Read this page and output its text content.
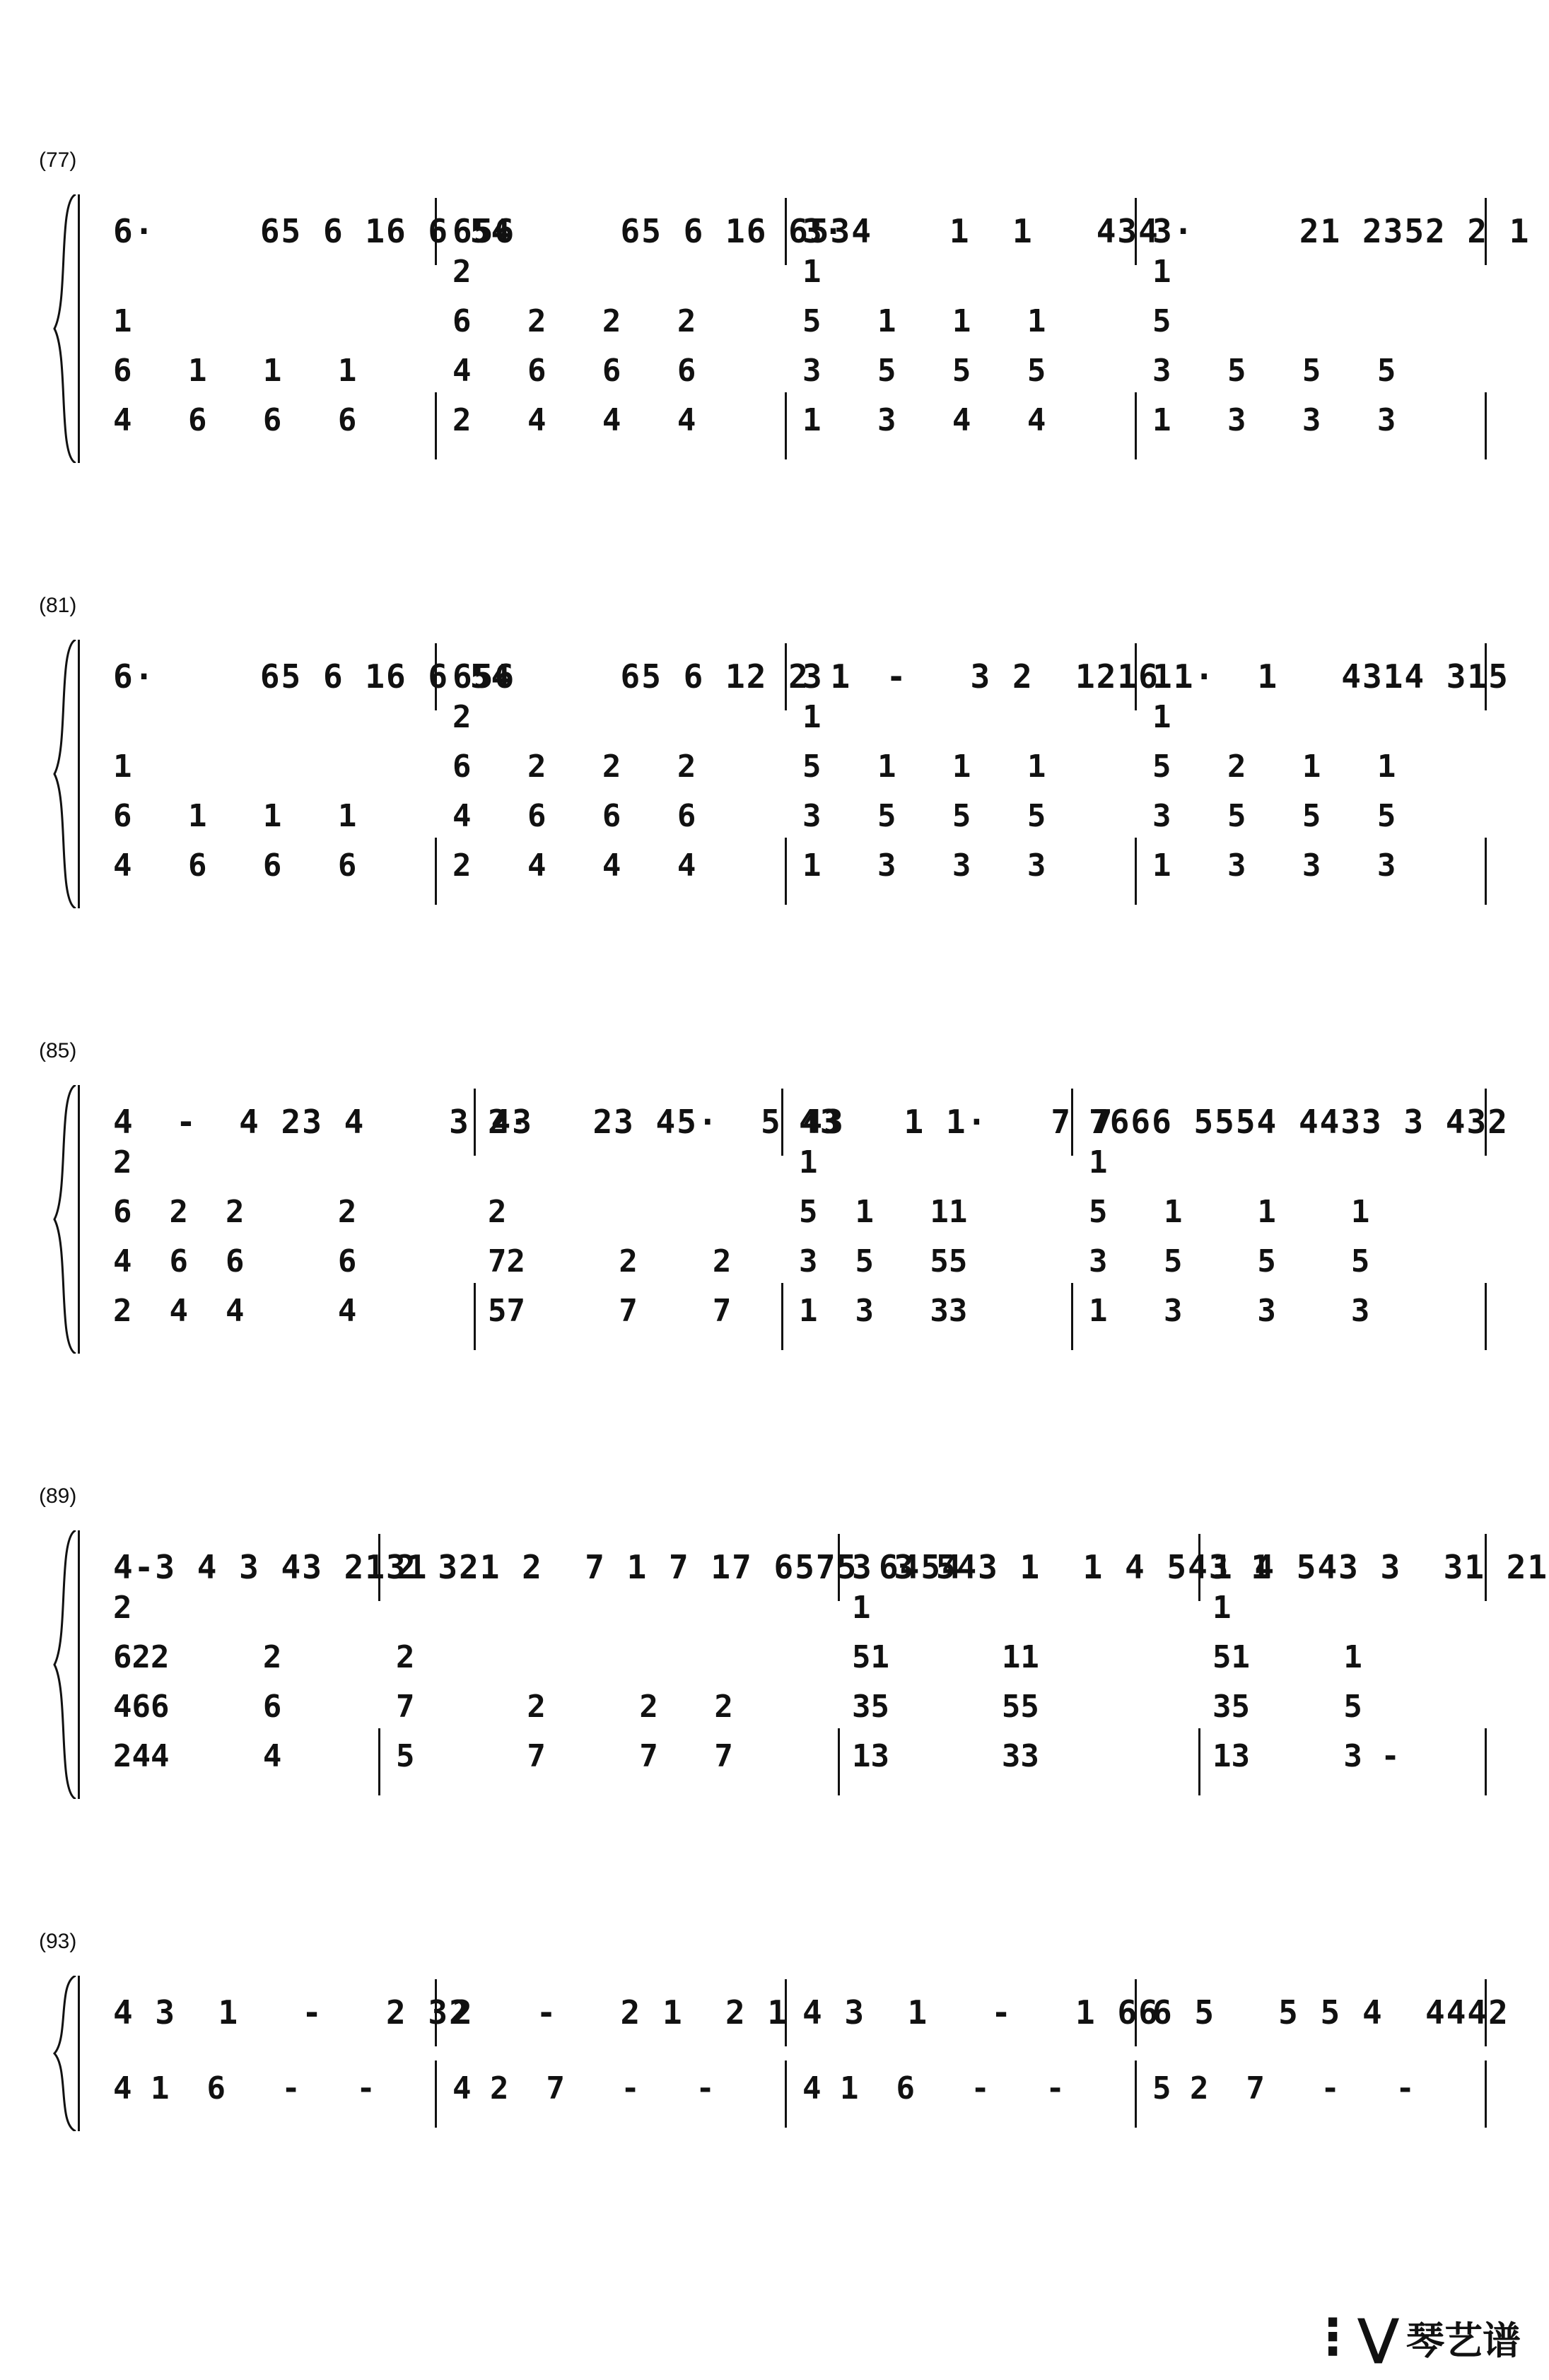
(77)
6·     65 6 16 6 54
656     65 6 16 6534
3·     1  1   434
3·     21 2352 2 1
1
6   1   1   1
4   6   6   6
2
6   2   2   2
4   6   6   6
2   4   4   4
1
5   1   1   1
3   5   5   5
1   3   4   4
1
5
3   5   5   5
1   3   3   3
(81)
6·     65 6 16 6 54
656     65 6 12 2 1
3   -   3 2  1216
11·  1   4314 315
1
6   1   1   1
4   6   6   6
2
6   2   2   2
4   6   6   6
2   4   4   4
1
5   1   1   1
3   5   5   5
1   3   3   3
1
5   2   1   1
3   5   5   5
1   3   3   3
(85)
4  -  4 23 4    3 43
2·   23 45·  5 43
43   1 1·   7 7
7666 5554 4433 3 432
2
6  2  2     2
4  6  6     6
2  4  4     4
2
72     2    2
57     7    7
1
5  1   11
3  5   55
1  3   33
1
5   1    1    1
3   5    5    5
1   3    3    3
(89)
4-3 4 3 43 2131
2 321 2  7 1 7 17 6575 6454
3 3 543 1  1 4 543 1
1 4 543 3  31 21
2
622     2
466     6
244     4
2
7      2     2   2
5      7     7   7
1
51      11
35      55
13      33
1
51     1
35     5
13     3 -
(93)
4 3  1   -   2 32
2   -   2 1  2 1 4 3  1   -   1 66
6 5   5 5 4  4442
4 1  6   -   - 4 2  7   -   -	4 1  6   -   -	5 2  7   -   -
⋮⋁ 琴艺谱
